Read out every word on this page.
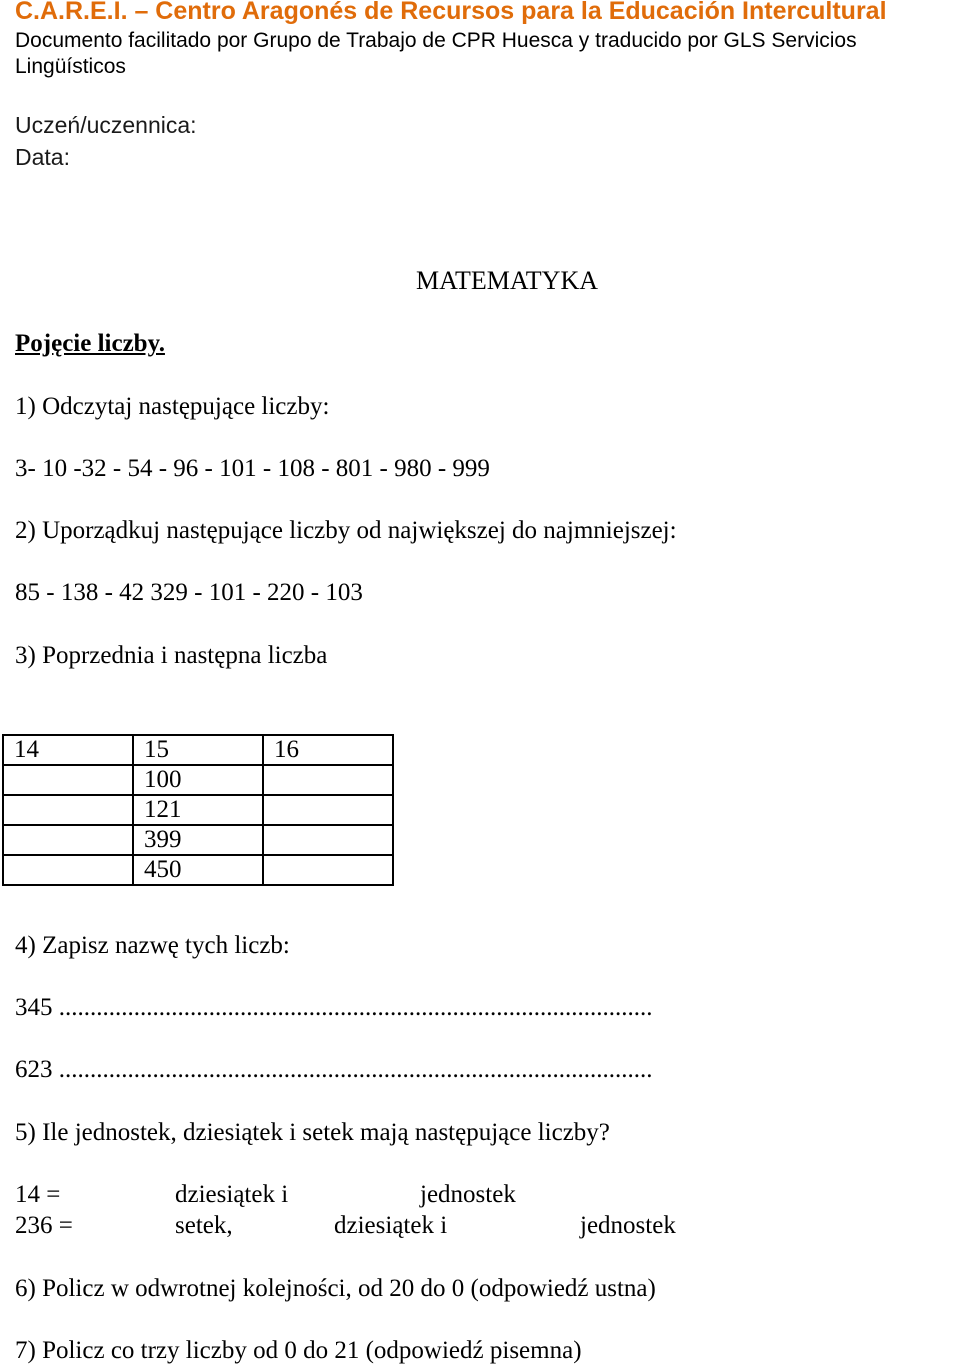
C.A.R.E.I. – Centro Aragonés de Recursos para la Educación Intercultural
Documento facilitado por Grupo de Trabajo de CPR Huesca y traducido por GLS Servicios Lingüísticos
Uczeń/uczennica:
Data:
MATEMATYKA
Pojęcie liczby.
1) Odczytaj następujące liczby:
3- 10 -32 - 54 - 96 - 101 - 108 - 801 - 980 - 999
2) Uporządkuj następujące liczby od największej do najmniejszej:
85 - 138 - 42 329 - 101 - 220 - 103
3) Poprzednia i następna liczba
14	15	16
	100	
	121	
	399	
	450	
4) Zapisz nazwę tych liczb:
345 ...............................................................................................
623 ...............................................................................................
5) Ile jednostek, dziesiątek i setek mają następujące liczby?
14 =	dziesiątek i	jednostek
236 =	setek,	dziesiątek i	jednostek
6) Policz w odwrotnej kolejności, od 20 do 0 (odpowiedź ustna)
7) Policz co trzy liczby od 0 do 21 (odpowiedź pisemna)
